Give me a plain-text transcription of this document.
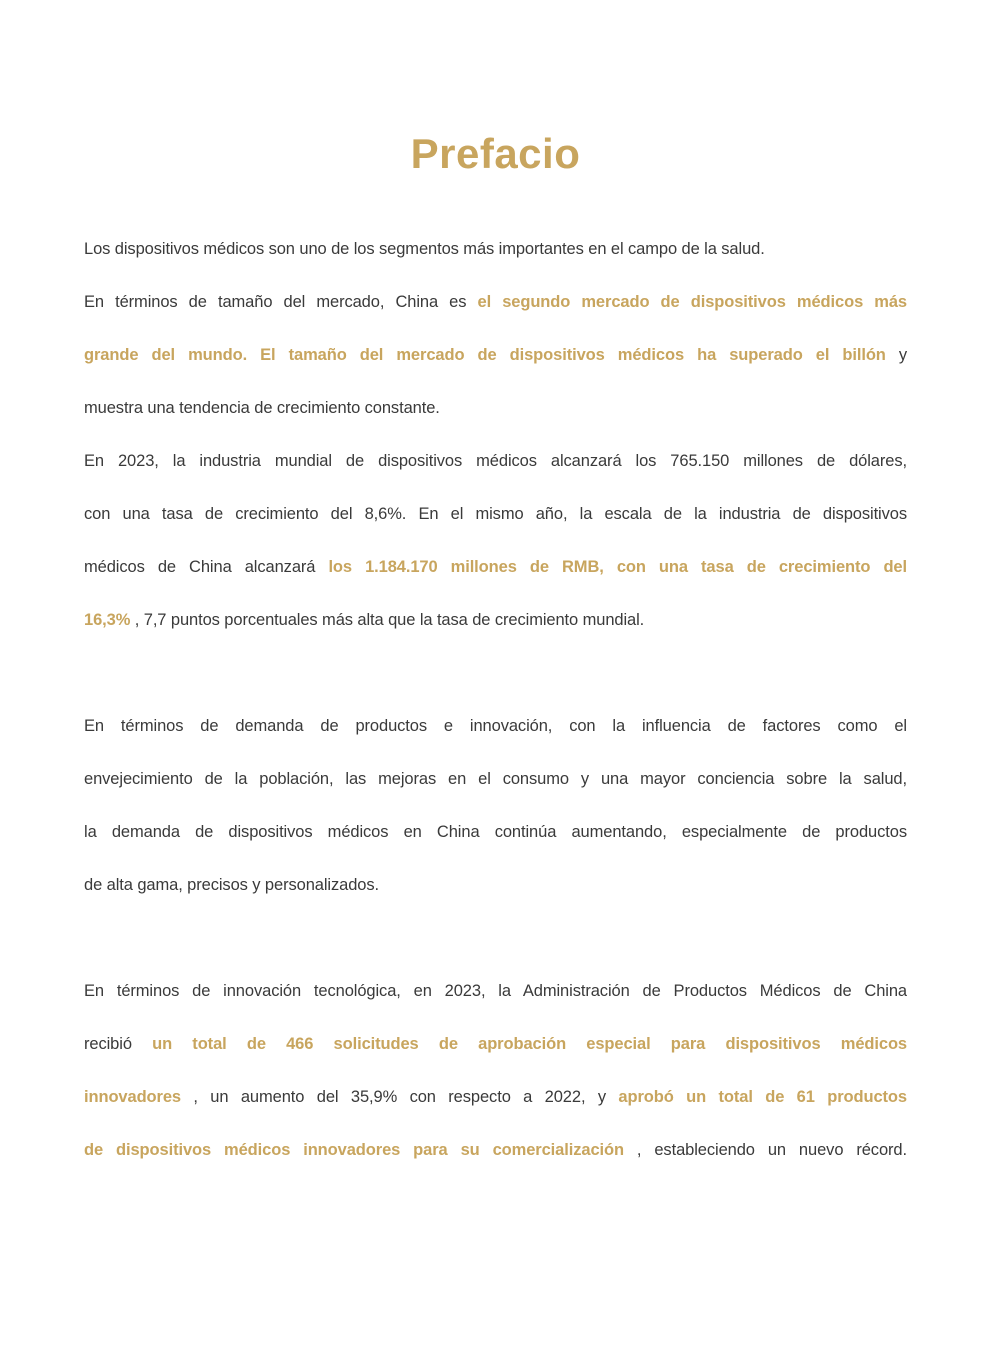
Prefacio
Los dispositivos médicos son uno de los segmentos más importantes en el campo de la salud.
En términos de tamaño del mercado, China es el segundo mercado de dispositivos médicos más
grande del mundo. El tamaño del mercado de dispositivos médicos ha superado el billón y
muestra una tendencia de crecimiento constante.
En 2023, la industria mundial de dispositivos médicos alcanzará los 765.150 millones de dólares,
con una tasa de crecimiento del 8,6%. En el mismo año, la escala de la industria de dispositivos
médicos de China alcanzará los 1.184.170 millones de RMB, con una tasa de crecimiento del
16,3% , 7,7 puntos porcentuales más alta que la tasa de crecimiento mundial.
En términos de demanda de productos e innovación, con la influencia de factores como el
envejecimiento de la población, las mejoras en el consumo y una mayor conciencia sobre la salud,
la demanda de dispositivos médicos en China continúa aumentando, especialmente de productos
de alta gama, precisos y personalizados.
En términos de innovación tecnológica, en 2023, la Administración de Productos Médicos de China
recibió un total de 466 solicitudes de aprobación especial para dispositivos médicos
innovadores , un aumento del 35,9% con respecto a 2022, y aprobó un total de 61 productos
de dispositivos médicos innovadores para su comercialización , estableciendo un nuevo récord.
